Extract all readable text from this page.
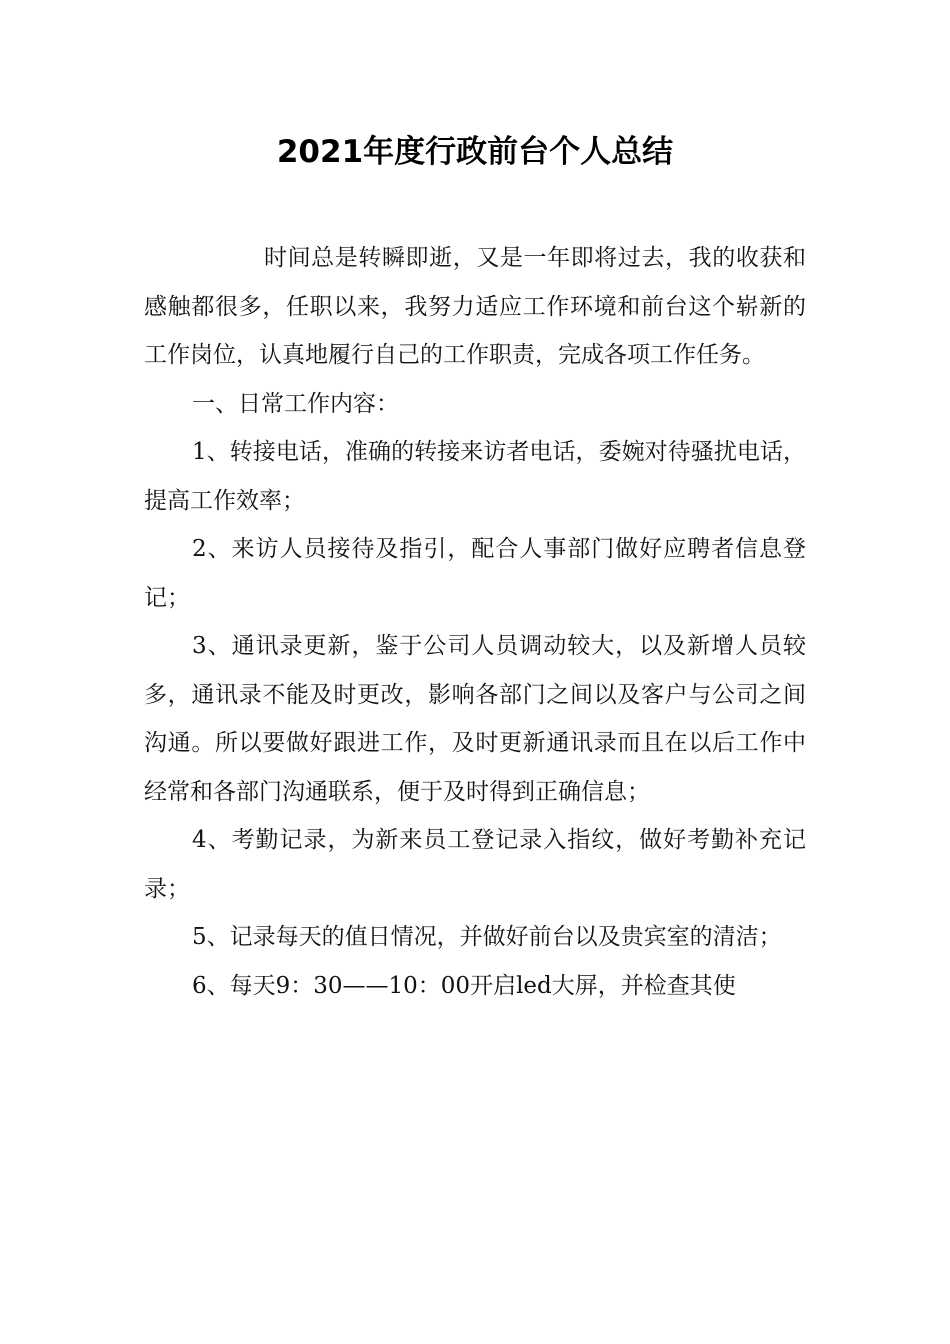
2021年度行政前台个人总结

时间总是转瞬即逝，又是一年即将过去，我的收获和感触都很多，任职以来，我努力适应工作环境和前台这个崭新的工作岗位，认真地履行自己的工作职责，完成各项工作任务。

一、日常工作内容：

1、转接电话，准确的转接来访者电话，委婉对待骚扰电话，提高工作效率；

2、来访人员接待及指引，配合人事部门做好应聘者信息登记；

3、通讯录更新，鉴于公司人员调动较大，以及新增人员较多，通讯录不能及时更改，影响各部门之间以及客户与公司之间沟通。所以要做好跟进工作，及时更新通讯录而且在以后工作中经常和各部门沟通联系，便于及时得到正确信息；

4、考勤记录，为新来员工登记录入指纹，做好考勤补充记录；

5、记录每天的值日情况，并做好前台以及贵宾室的清洁；

6、每天9：30——10：00开启led大屏，并检查其使
